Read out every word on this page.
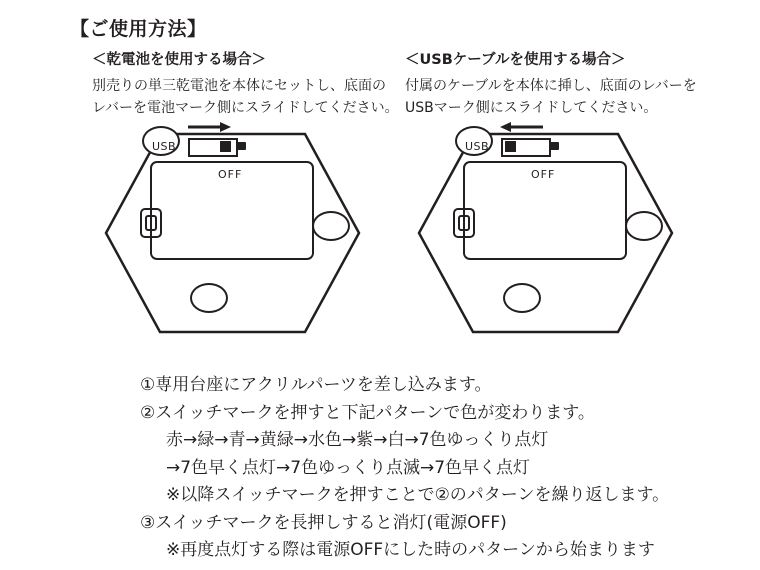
【ご使用方法】
＜乾電池を使用する場合＞
別売りの単三乾電池を本体にセットし、底面の
レバーを電池マーク側にスライドしてください。
＜USBケーブルを使用する場合＞
付属のケーブルを本体に挿し、底面のレバーを
USBマーク側にスライドしてください。
USB
OFF
USB
OFF
①専用台座にアクリルパーツを差し込みます。
②スイッチマークを押すと下記パターンで色が変わります。
赤→緑→青→黄緑→水色→紫→白→7色ゆっくり点灯
→7色早く点灯→7色ゆっくり点滅→7色早く点灯
※以降スイッチマークを押すことで②のパターンを繰り返します。
③スイッチマークを長押しすると消灯(電源OFF)
※再度点灯する際は電源OFFにした時のパターンから始まります
